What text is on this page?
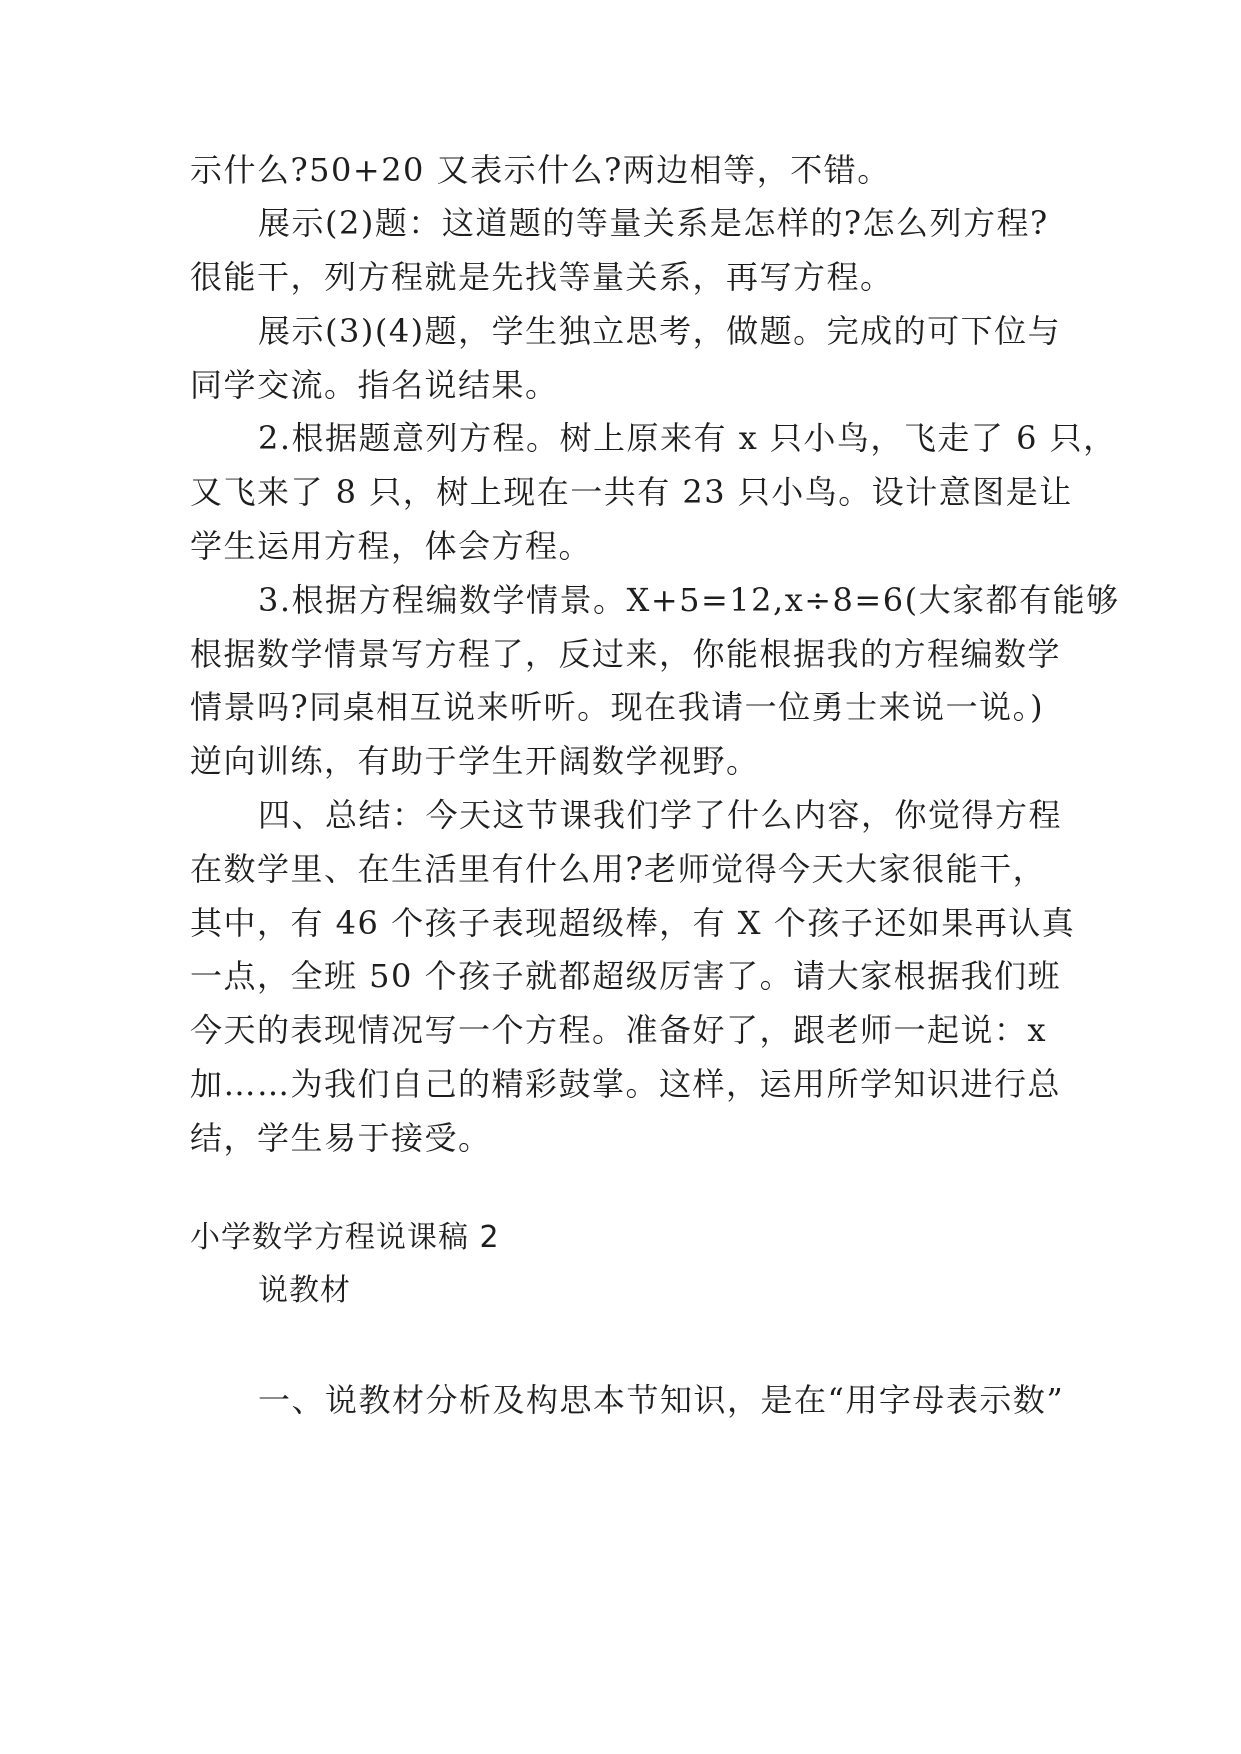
示什么?50+20 又表示什么?两边相等，不错。
展示(2)题：这道题的等量关系是怎样的?怎么列方程?
很能干，列方程就是先找等量关系，再写方程。
展示(3)(4)题，学生独立思考，做题。完成的可下位与
同学交流。指名说结果。
2.根据题意列方程。树上原来有 x 只小鸟，飞走了 6 只，
又飞来了 8 只，树上现在一共有 23 只小鸟。设计意图是让
学生运用方程，体会方程。
3.根据方程编数学情景。X+5=12,x÷8=6(大家都有能够
根据数学情景写方程了，反过来，你能根据我的方程编数学
情景吗?同桌相互说来听听。现在我请一位勇士来说一说。)
逆向训练，有助于学生开阔数学视野。
四、总结：今天这节课我们学了什么内容，你觉得方程
在数学里、在生活里有什么用?老师觉得今天大家很能干，
其中，有 46 个孩子表现超级棒，有 X 个孩子还如果再认真
一点，全班 50 个孩子就都超级厉害了。请大家根据我们班
今天的表现情况写一个方程。准备好了，跟老师一起说：x
加……为我们自己的精彩鼓掌。这样，运用所学知识进行总
结，学生易于接受。
小学数学方程说课稿 2
说教材
一、说教材分析及构思本节知识，是在“用字母表示数”
